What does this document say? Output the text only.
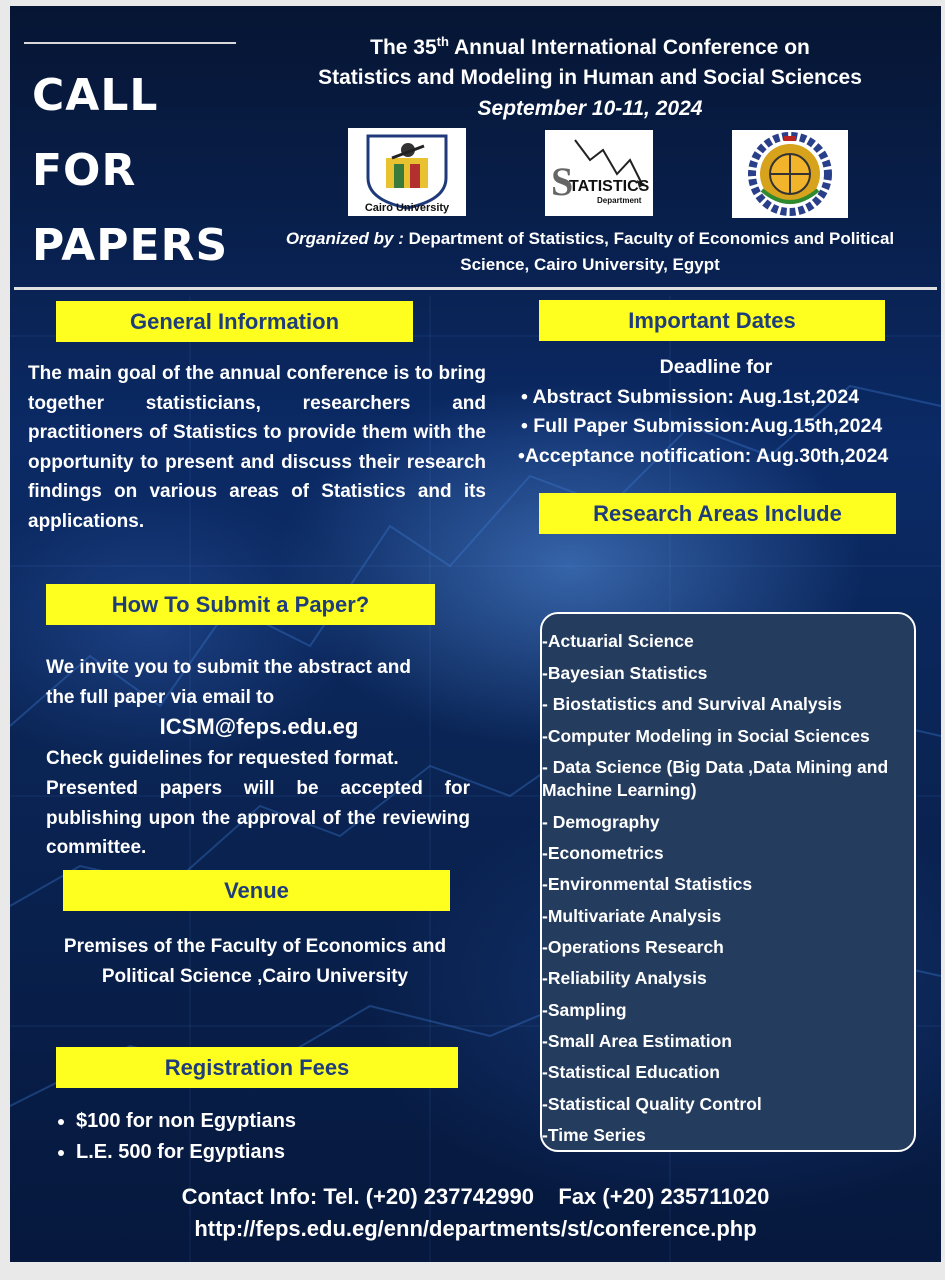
CALL
FOR
PAPERS
The 35th Annual International Conference on
Statistics and Modeling in Human and Social Sciences
September 10-11, 2024
Cairo University
S
TATISTICS
Department
Organized by : Department of Statistics, Faculty of Economics and Political Science, Cairo University, Egypt
General Information
The main goal of the annual conference is to bring together statisticians, researchers and practitioners of Statistics to provide them with the opportunity to present and discuss their research findings on various areas of Statistics and its applications.
Important Dates
Deadline for
• Abstract Submission: Aug.1st,2024
• Full Paper Submission:Aug.15th,2024
•Acceptance notification: Aug.30th,2024
Research Areas Include
-Actuarial Science
-Bayesian Statistics
- Biostatistics and Survival Analysis
-Computer Modeling in Social Sciences
- Data Science (Big Data ,Data Mining and
Machine Learning)
- Demography
-Econometrics
-Environmental Statistics
-Multivariate Analysis
-Operations Research
-Reliability Analysis
-Sampling
-Small Area Estimation
-Statistical Education
-Statistical Quality Control
-Time Series
How To Submit a Paper?
We invite you to submit the abstract and
the full paper via email to
ICSM@feps.edu.eg
Check guidelines for requested format.
Presented papers will be accepted for publishing upon the approval of the reviewing committee.
Venue
Premises of the Faculty of Economics and
Political Science ,Cairo University
Registration Fees
• $100 for non Egyptians
• L.E. 500 for Egyptians
Contact Info: Tel. (+20) 237742990    Fax (+20) 235711020
http://feps.edu.eg/enn/departments/st/conference.php
